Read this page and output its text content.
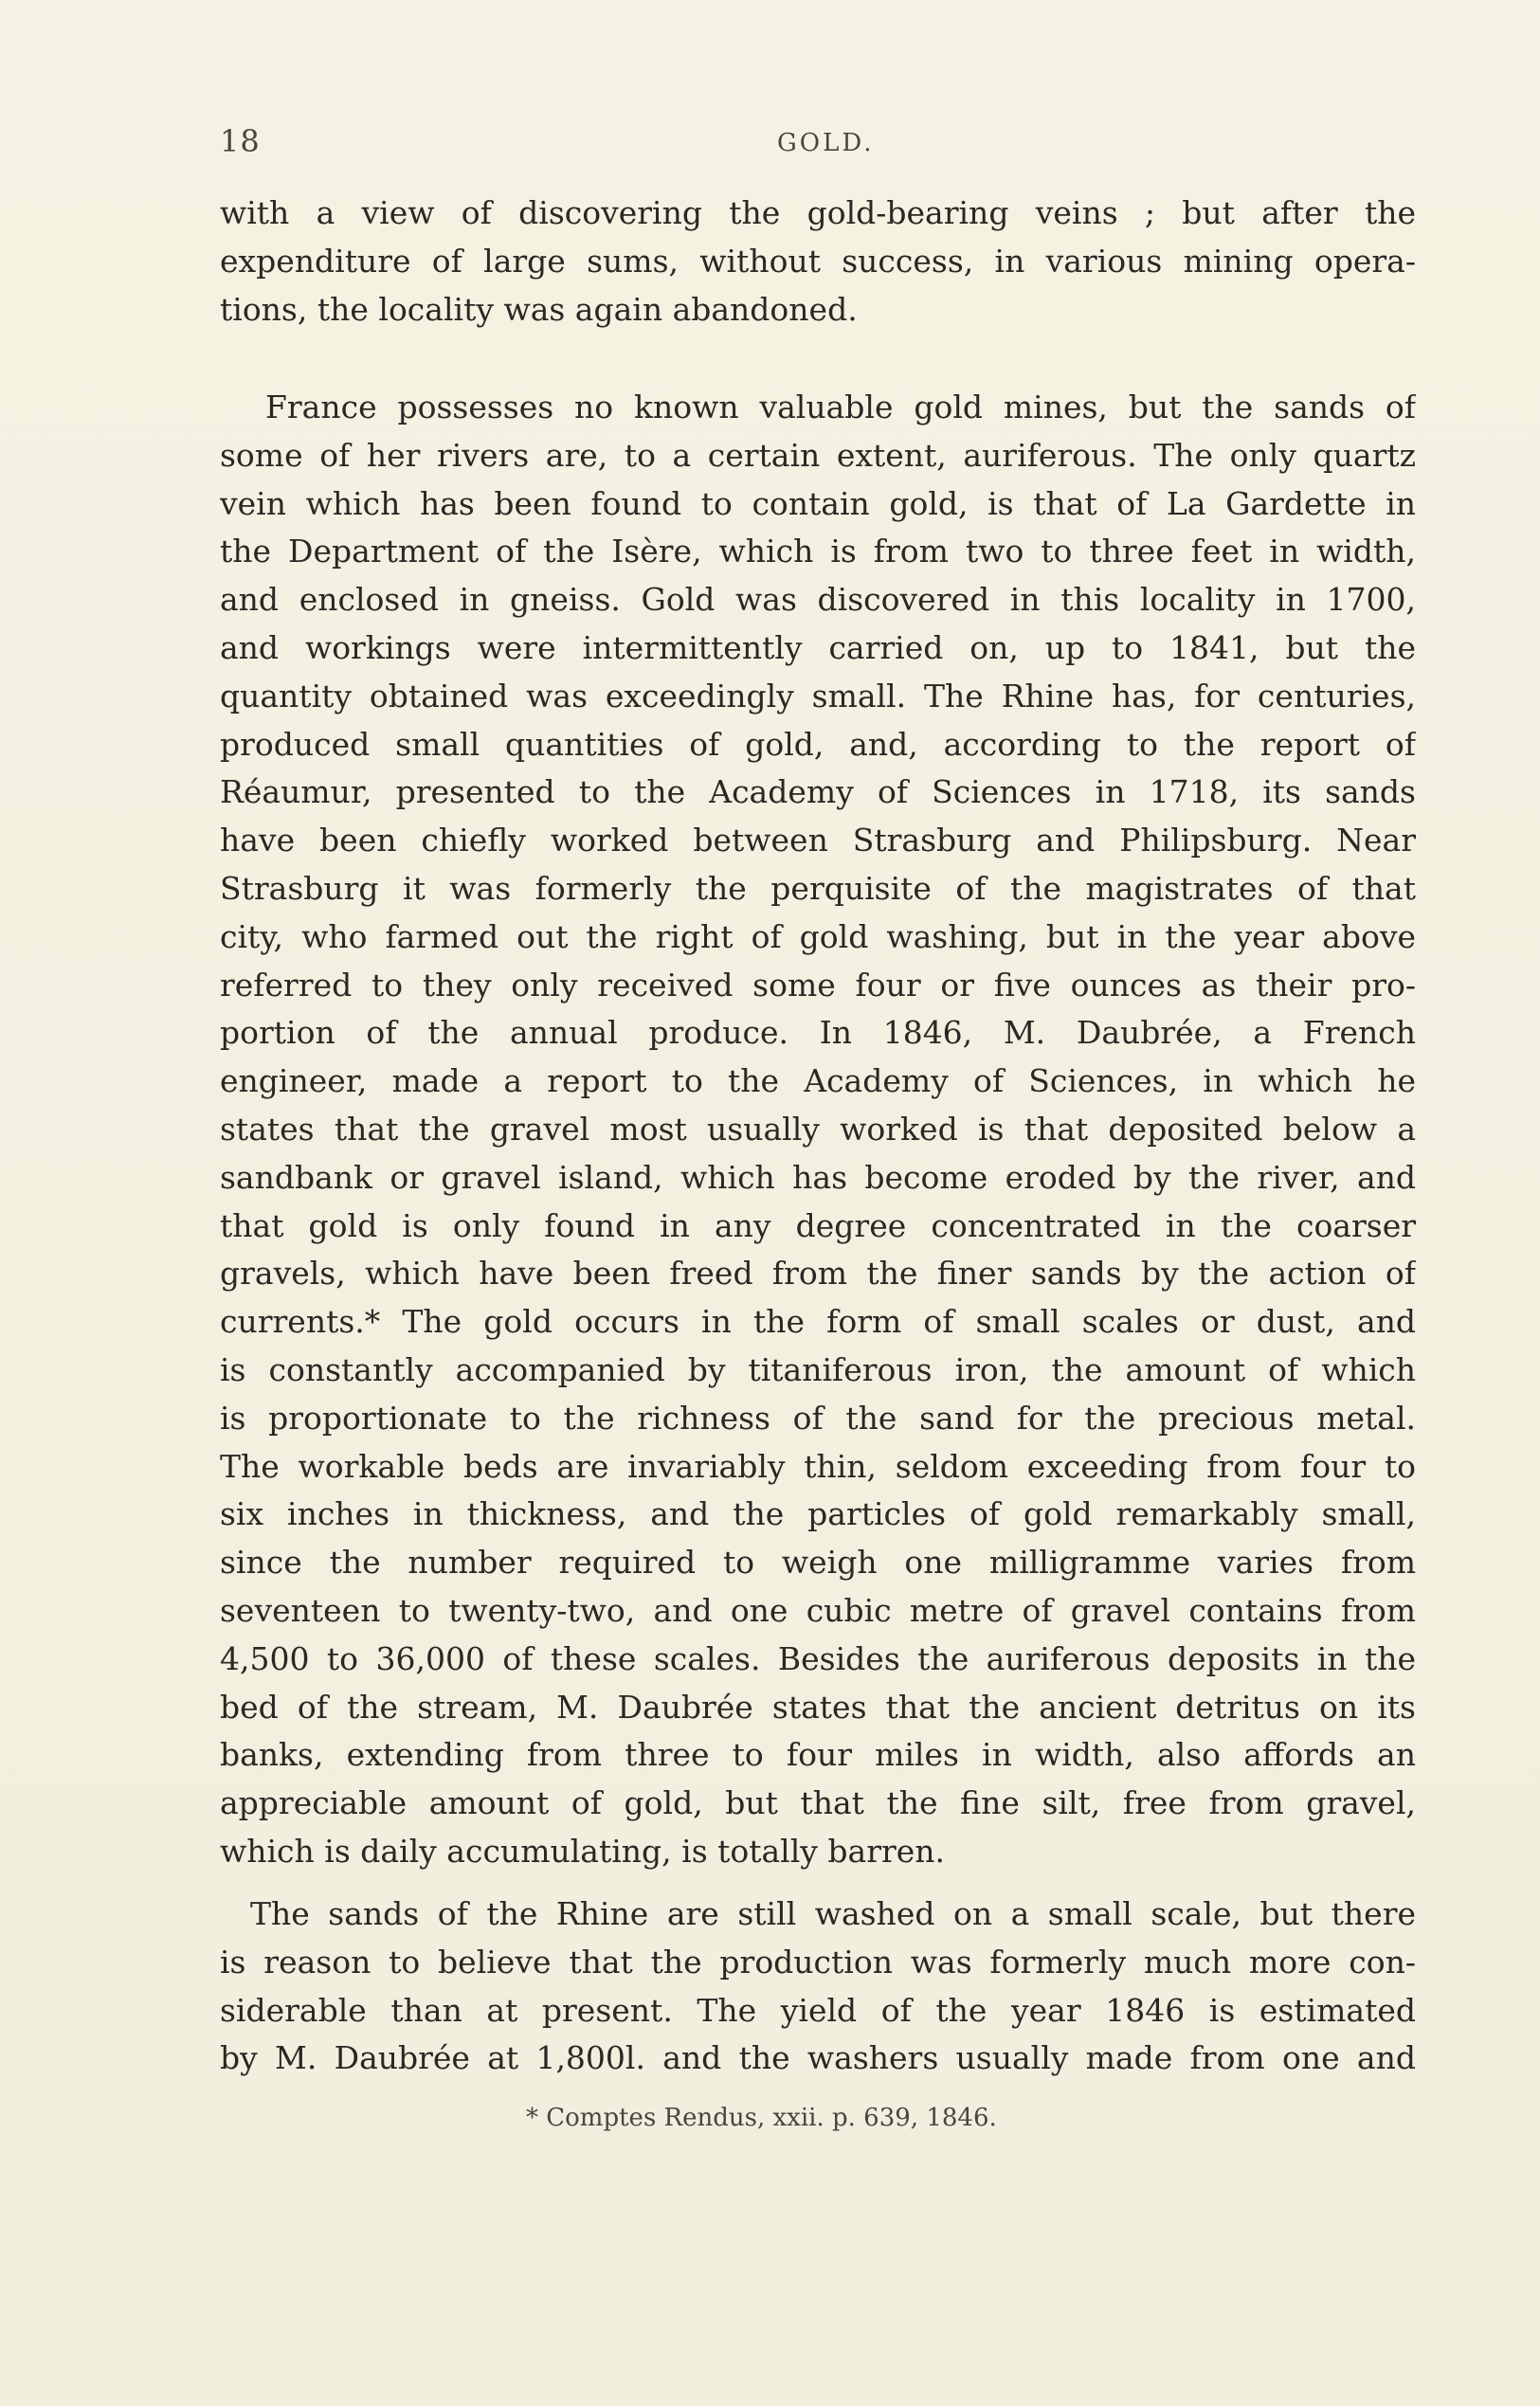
18	GOLD.
with a view of discovering the gold-bearing veins ; but after the
expenditure of large sums, without success, in various mining opera-
tions, the locality was again abandoned.
France possesses no known valuable gold mines, but the sands of
some of her rivers are, to a certain extent, auriferous. The only quartz
vein which has been found to contain gold, is that of La Gardette in
the Department of the Isère, which is from two to three feet in width,
and enclosed in gneiss. Gold was discovered in this locality in 1700,
and workings were intermittently carried on, up to 1841, but the
quantity obtained was exceedingly small. The Rhine has, for centuries,
produced small quantities of gold, and, according to the report of
Réaumur, presented to the Academy of Sciences in 1718, its sands
have been chiefly worked between Strasburg and Philipsburg. Near
Strasburg it was formerly the perquisite of the magistrates of that
city, who farmed out the right of gold washing, but in the year above
referred to they only received some four or five ounces as their pro-
portion of the annual produce. In 1846, M. Daubrée, a French
engineer, made a report to the Academy of Sciences, in which he
states that the gravel most usually worked is that deposited below a
sandbank or gravel island, which has become eroded by the river, and
that gold is only found in any degree concentrated in the coarser
gravels, which have been freed from the finer sands by the action of
currents.* The gold occurs in the form of small scales or dust, and
is constantly accompanied by titaniferous iron, the amount of which
is proportionate to the richness of the sand for the precious metal.
The workable beds are invariably thin, seldom exceeding from four to
six inches in thickness, and the particles of gold remarkably small,
since the number required to weigh one milligramme varies from
seventeen to twenty-two, and one cubic metre of gravel contains from
4,500 to 36,000 of these scales. Besides the auriferous deposits in the
bed of the stream, M. Daubrée states that the ancient detritus on its
banks, extending from three to four miles in width, also affords an
appreciable amount of gold, but that the fine silt, free from gravel,
which is daily accumulating, is totally barren.
The sands of the Rhine are still washed on a small scale, but there
is reason to believe that the production was formerly much more con-
siderable than at present. The yield of the year 1846 is estimated
by M. Daubrée at 1,800l. and the washers usually made from one and
* Comptes Rendus, xxii. p. 639, 1846.
